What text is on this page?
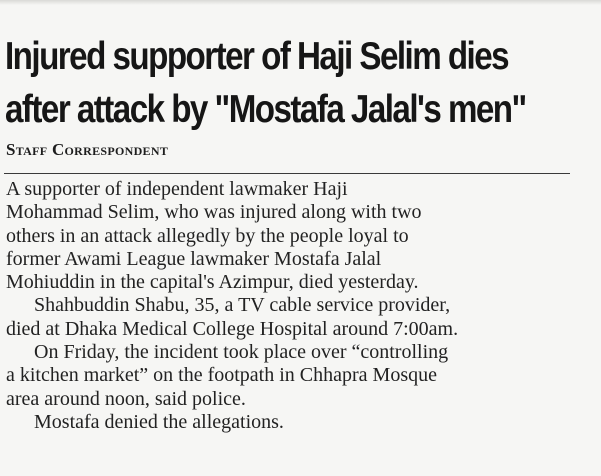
Injured supporter of Haji Selim dies
after attack by "Mostafa Jalal's men"

Staff Correspondent

A supporter of independent lawmaker Haji
Mohammad Selim, who was injured along with two
others in an attack allegedly by the people loyal to
former Awami League lawmaker Mostafa Jalal
Mohiuddin in the capital's Azimpur, died yesterday.
Shahbuddin Shabu, 35, a TV cable service provider,
died at Dhaka Medical College Hospital around 7:00am.
On Friday, the incident took place over “controlling
a kitchen market” on the footpath in Chhapra Mosque
area around noon, said police.
Mostafa denied the allegations.
